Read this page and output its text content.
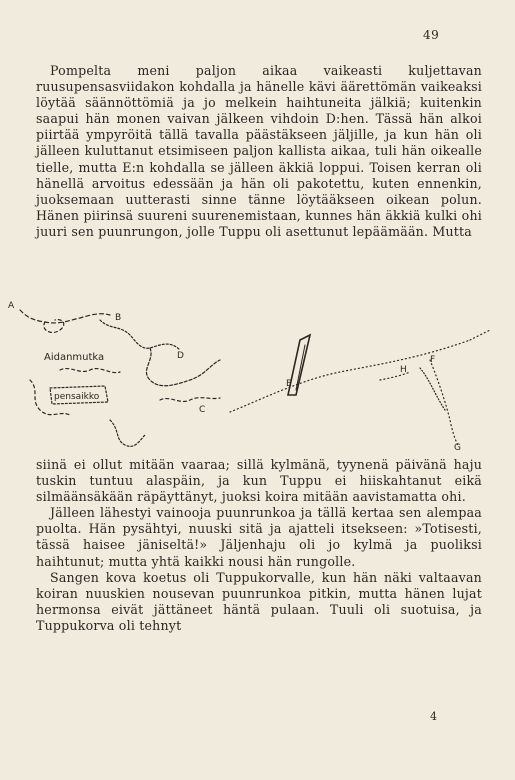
49

Pompelta meni paljon aikaa vaikeasti kuljettavan ruusupensasviidakon kohdalla ja hänelle kävi äärettömän vaikeaksi löytää säännöttömiä ja jo melkein haihtuneita jälkiä; kuitenkin saapui hän monen vaivan jälkeen vihdoin D:hen. Tässä hän alkoi piirtää ympyröitä tällä tavalla päästäkseen jäljille, ja kun hän oli jälleen kuluttanut etsimiseen paljon kallista aikaa, tuli hän oikealle tielle, mutta E:n kohdalla se jälleen äkkiä loppui. Toisen kerran oli hänellä arvoitus edessään ja hän oli pakotettu, kuten ennenkin, juoksemaan uutterasti sinne tänne löytääkseen oikean polun. Hänen piirinsä suureni suurenemistaan, kunnes hän äkkiä kulki ohi juuri sen puunrungon, jolle Tuppu oli asettunut lepäämään. Mutta

A
B
Aidanmutka
pensaikko
C
D
E
H
F
G

siinä ei ollut mitään vaaraa; sillä kylmänä, tyynenä päivänä haju tuskin tuntuu alaspäin, ja kun Tuppu ei hiiskahtanut eikä silmäänsäkään räpäyttänyt, juoksi koira mitään aavistamatta ohi.

Jälleen lähestyi vainooja puunrunkoa ja tällä kertaa sen alempaa puolta. Hän pysähtyi, nuuski sitä ja ajatteli itsekseen: »Totisesti, tässä haisee jäniseltä!» Jäljenhaju oli jo kylmä ja puoliksi haihtunut; mutta yhtä kaikki nousi hän rungolle.

Sangen kova koetus oli Tuppukorvalle, kun hän näki valtaavan koiran nuuskien nousevan puunrunkoa pitkin, mutta hänen lujat hermonsa eivät jättäneet häntä pulaan. Tuuli oli suotuisa, ja Tuppukorva oli tehnyt

4
